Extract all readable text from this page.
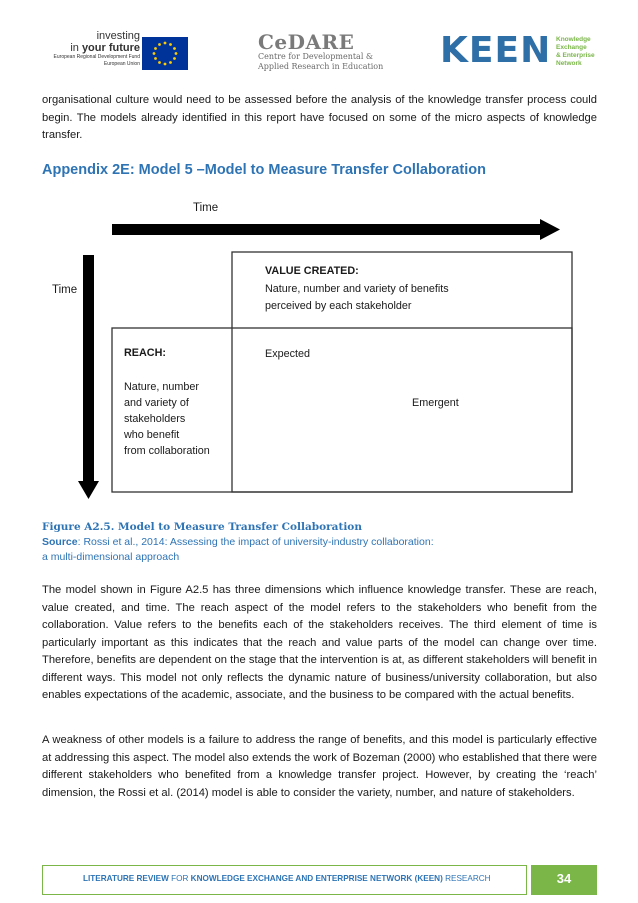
investing
in your future
European Regional Development Fund
European Union
CeDARE
Centre for Developmental &
Applied Research in Education KEEN Knowledge
Exchange
& Enterprise
Network

organisational culture would need to be assessed before the analysis of the knowledge transfer process could begin. The models already identified in this report have focused on some of the micro aspects of knowledge transfer.

Appendix 2E: Model 5 –Model to Measure Transfer Collaboration
Time
Time
VALUE CREATED:
Nature, number and variety of benefits
perceived by each stakeholder
REACH:
Nature, number
and variety of
stakeholders
who benefit
from collaboration
Expected
Emergent
Figure A2.5. Model to Measure Transfer Collaboration
Source: Rossi et al., 2014: Assessing the impact of university-industry collaboration:
a multi-dimensional approach

The model shown in Figure A2.5 has three dimensions which influence knowledge transfer. These are reach, value created, and time. The reach aspect of the model refers to the stakeholders who benefit from the collaboration. Value refers to the benefits each of the stakeholders receives. The third element of time is particularly important as this indicates that the reach and value parts of the model can change over time. Therefore, benefits are dependent on the stage that the intervention is at, as different stakeholders will benefit in different ways. This model not only reflects the dynamic nature of business/university collaboration, but also enables expectations of the academic, associate, and the business to be compared with the actual benefits.

A weakness of other models is a failure to address the range of benefits, and this model is particularly effective at addressing this aspect. The model also extends the work of Bozeman (2000) who established that there were different stakeholders who benefited from a knowledge transfer project. However, by creating the ‘reach’ dimension, the Rossi et al. (2014) model is able to consider the variety, number, and nature of stakeholders.

LITERATURE REVIEW FOR KNOWLEDGE EXCHANGE AND ENTERPRISE NETWORK (KEEN) RESEARCH	34
